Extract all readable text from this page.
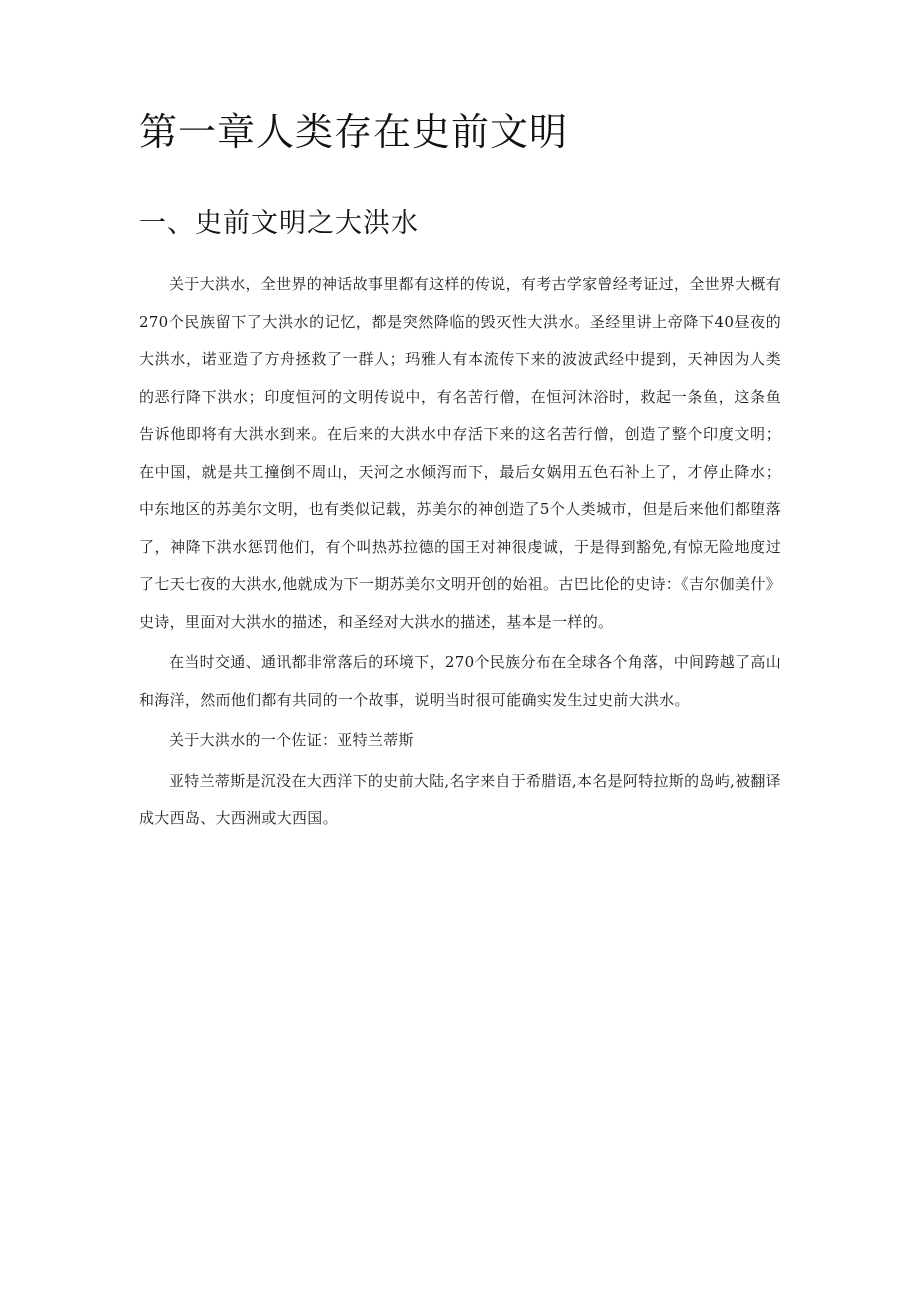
第一章人类存在史前文明
一、史前文明之大洪水

关于大洪水，全世界的神话故事里都有这样的传说，有考古学家曾经考证过，全世界大概有270个民族留下了大洪水的记忆，都是突然降临的毁灭性大洪水。圣经里讲上帝降下40昼夜的大洪水，诺亚造了方舟拯救了一群人；玛雅人有本流传下来的波波武经中提到，天神因为人类的恶行降下洪水；印度恒河的文明传说中，有名苦行僧，在恒河沐浴时，救起一条鱼，这条鱼告诉他即将有大洪水到来。在后来的大洪水中存活下来的这名苦行僧，创造了整个印度文明；在中国，就是共工撞倒不周山，天河之水倾泻而下，最后女娲用五色石补上了，才停止降水；中东地区的苏美尔文明，也有类似记载，苏美尔的神创造了5个人类城市，但是后来他们都堕落了，神降下洪水惩罚他们，有个叫热苏拉德的国王对神很虔诚，于是得到豁免,有惊无险地度过了七天七夜的大洪水,他就成为下一期苏美尔文明开创的始祖。古巴比伦的史诗：《吉尔伽美什》史诗，里面对大洪水的描述，和圣经对大洪水的描述，基本是一样的。

在当时交通、通讯都非常落后的环境下，270个民族分布在全球各个角落，中间跨越了高山和海洋，然而他们都有共同的一个故事，说明当时很可能确实发生过史前大洪水。

关于大洪水的一个佐证：亚特兰蒂斯

亚特兰蒂斯是沉没在大西洋下的史前大陆,名字来自于希腊语,本名是阿特拉斯的岛屿,被翻译成大西岛、大西洲或大西国。
